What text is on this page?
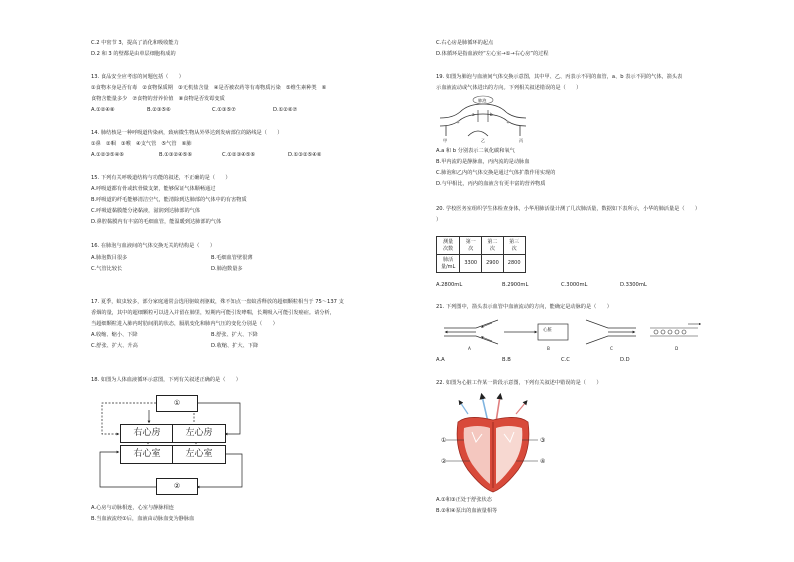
C.2 中密节 3，提高了消化和吸收能力
D.2 和 3 的壁都是由单层细胞构成的
13. 食品安全应考虑的问题包括（　　）
①食物本身是否有毒　②食物保质期　③无机盐含量　④是否被农药等有毒物质污染　⑤维生素种类　⑥
食物含能量多少　⑦食物的营养价值　⑧食物是否发霉变质
A.①②④⑧	B.②③⑤⑥	C.①③⑤⑦	D.①②⑥⑦
14. 肺结核是一种呼吸道传染病，致病微生物从外界达到发病部位的路线是（　　）
①鼻　②咽　③喉　④支气管　⑤气管　⑥肺
A.①②③⑤④⑥	B.①③②④⑤⑥	C.①②③④⑤⑥	D.①③②⑤④⑥
15. 下列有关呼吸道结构与功能的叙述，不正确的是（　　）
A.呼吸道都有骨或软骨做支架，能够保证气体顺畅通过
B.呼吸道的纤毛能够清洁空气，能清除到达肺部的气体中的有害物质
C.呼吸道黏膜能分泌黏液，滋润到达肺部的气体
D.鼻腔黏膜内有丰富的毛细血管，能温暖到达肺部的气体
16. 在肺泡与血液间的气体交换无关的结构是（　　）
A.肺泡数目很多	B.毛细血管壁很薄
C.气管比较长	D.肺泡数量多
17. 夏季，蚊虫较多，部分家庭通常会选用驱蚊剂驱蚊，殊不知点一盘蚊香释放的超细颗粒相当于 75～137 支
香烟的量，其中的超细颗粒可以进入并留在肺里，短期内可能引发哮喘，长期吸入可能引发癌症。请分析，
当超细颗粒进入肺内时肋间肌的状态，膈肌变化和肺内气压的变化分别是（　　）
A.收缩、缩小、下降	B.舒张、扩大、下降
C.舒张、扩大、升高	D.收缩、扩大、下降
18. 如图为人体血液循环示意图，下列有关叙述正确的是（　　）
①
②
右心房	左心房
右心室	左心室
A.心房与动脉相连，心室与静脉相连
B.当血液流经①后，血液由动脉血变为静脉血
C.右心房是肺循环的起点
D.体循环是指血液经“左心室→①→右心房”的过程
19. 如图为肺泡与血液间气体交换示意图，其中甲、乙、丙表示不同的血管，a、b 表示不同的气体，箭头表
示血液流动或气体进出的方向。下列相关叙述错误的是（　　）
肺泡
甲	乙	丙
a	b
A.a 和 b 分别表示二氧化碳和氧气
B.甲内流的是静脉血，丙内流的是动脉血
C.肺泡和乙内的气体交换是通过气体扩散作用实现的
D.与甲相比，丙内的血液含有更丰富的营养物质
20. 学校医务室组织学生体检查身体，小华用肺活量计测了几次肺活量，数据如下表所示，小华的肺活量是（　　）
）
测量次数	第一次	第二次	第三次
肺活量/mL	3300	2900	2800
A.2800mL	B.2900mL	C.3000mL	D.3300mL
21. 下列图中，箭头表示血管中血液流动的方向，能确定是动脉的是（　　）
心脏
A	B	C	D
A.A	B.B	C.C	D.D
22. 如图为心脏工作某一阶段示意图，下列有关叙述中错误的是（　　）
①
②
③
④
A.①和③正处于舒张状态
B.②和④泵出的血液量相等
